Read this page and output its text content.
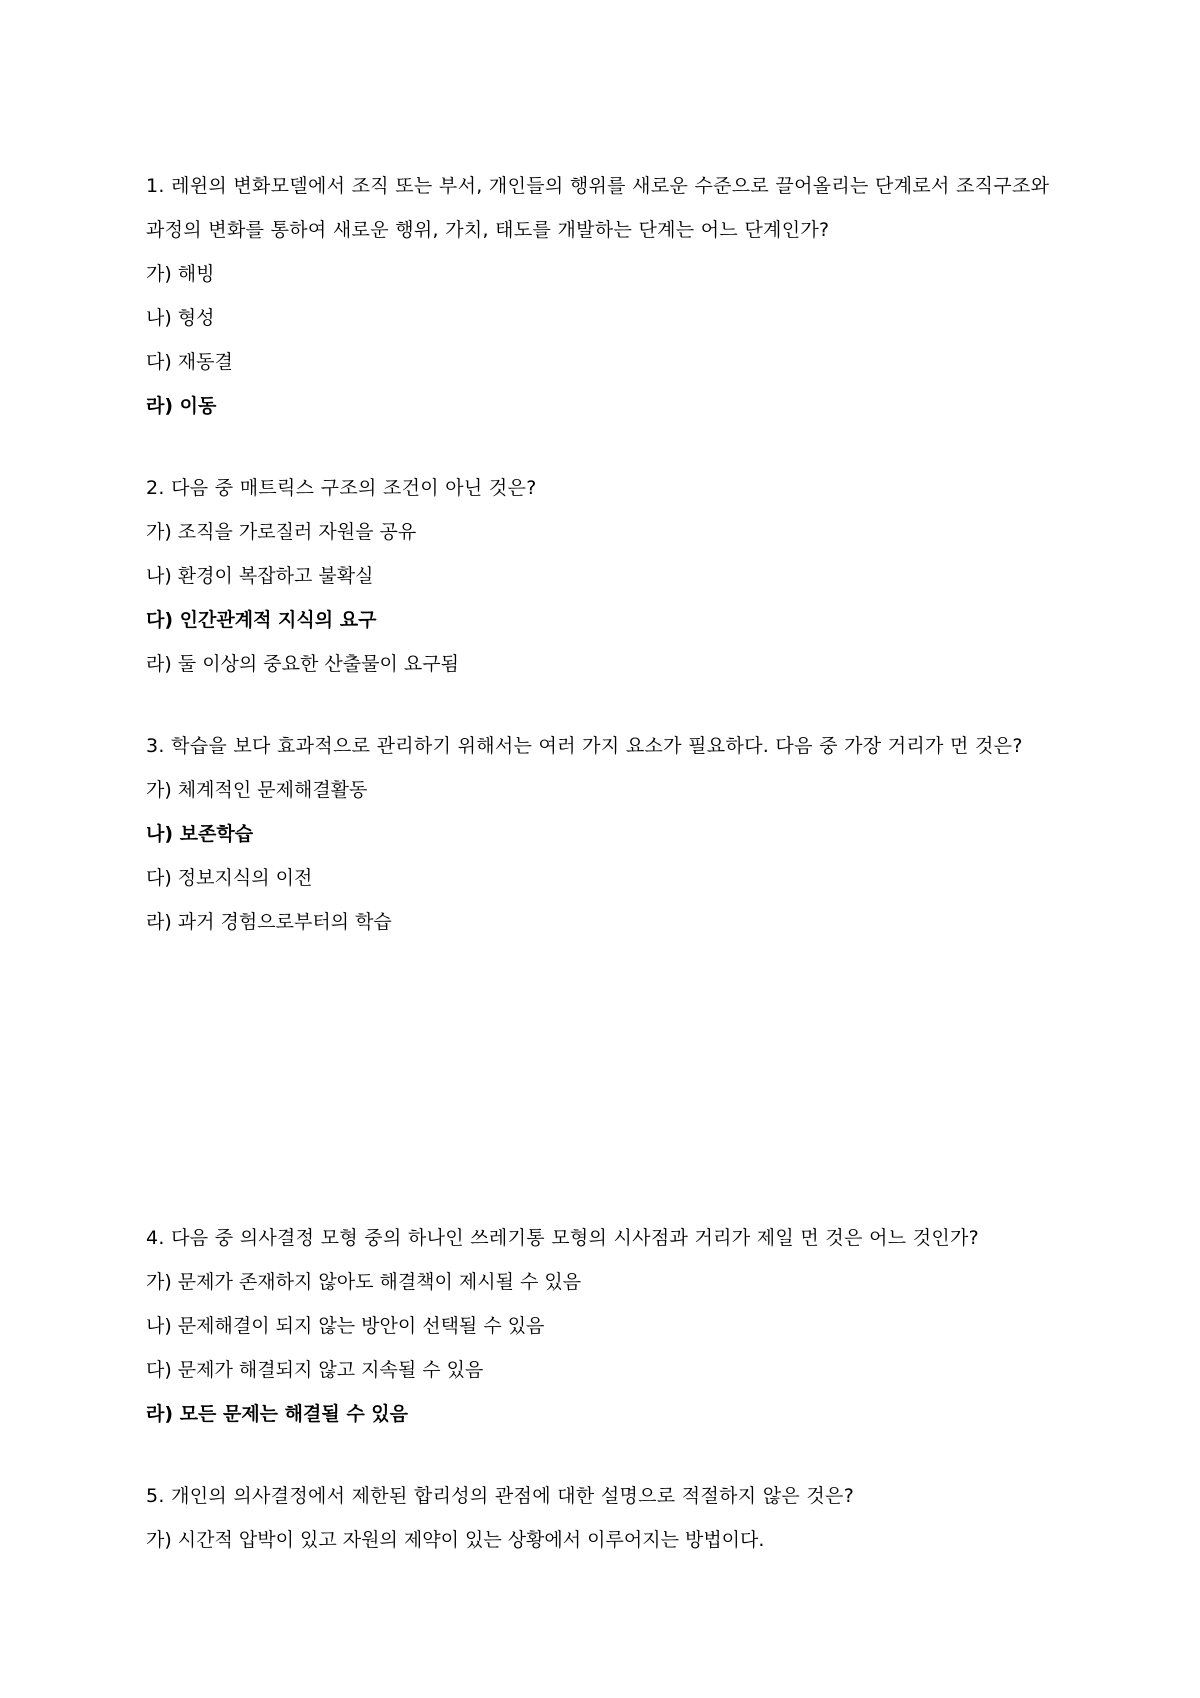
1. 레윈의 변화모델에서 조직 또는 부서, 개인들의 행위를 새로운 수준으로 끌어올리는 단계로서 조직구조와 과정의 변화를 통하여 새로운 행위, 가치, 태도를 개발하는 단계는 어느 단계인가?

가) 해빙

나) 형성

다) 재동결

라) 이동

2. 다음 중 매트릭스 구조의 조건이 아닌 것은?

가) 조직을 가로질러 자원을 공유

나) 환경이 복잡하고 불확실

다) 인간관계적 지식의 요구

라) 둘 이상의 중요한 산출물이 요구됨

3. 학습을 보다 효과적으로 관리하기 위해서는 여러 가지 요소가 필요하다. 다음 중 가장 거리가 먼 것은?

가) 체계적인 문제해결활동

나) 보존학습

다) 정보지식의 이전

라) 과거 경험으로부터의 학습

4. 다음 중 의사결정 모형 중의 하나인 쓰레기통 모형의 시사점과 거리가 제일 먼 것은 어느 것인가?

가) 문제가 존재하지 않아도 해결책이 제시될 수 있음

나) 문제해결이 되지 않는 방안이 선택될 수 있음

다) 문제가 해결되지 않고 지속될 수 있음

라) 모든 문제는 해결될 수 있음

5. 개인의 의사결정에서 제한된 합리성의 관점에 대한 설명으로 적절하지 않은 것은?

가) 시간적 압박이 있고 자원의 제약이 있는 상황에서 이루어지는 방법이다.
